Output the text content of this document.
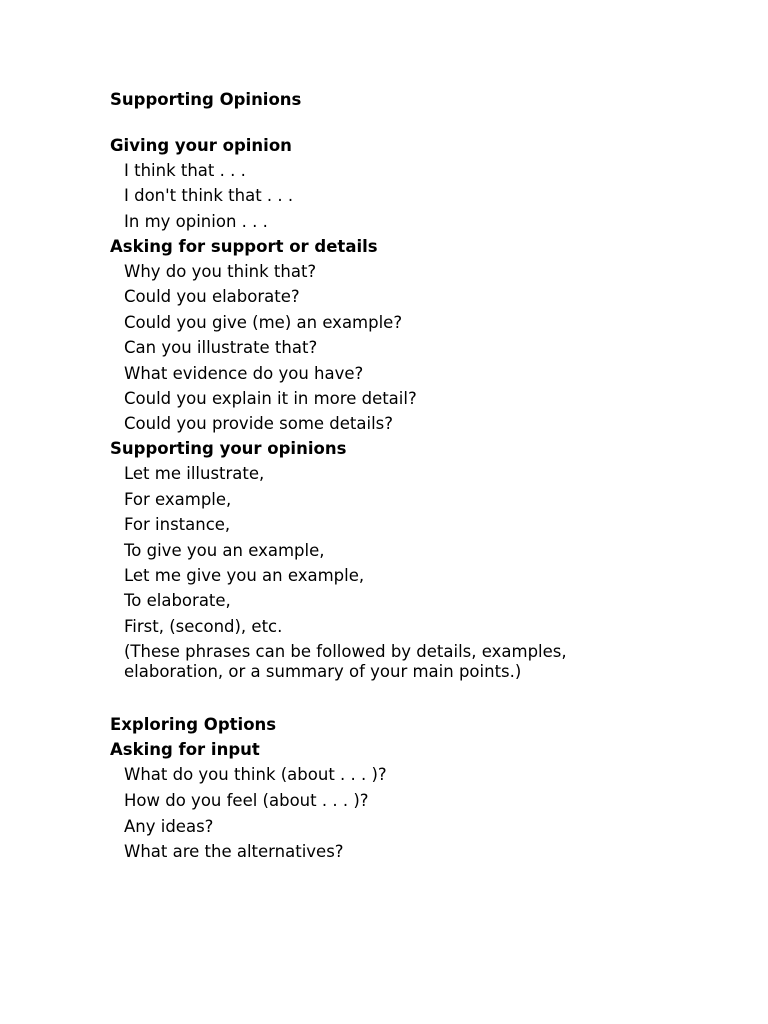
Supporting Opinions
Giving your opinion
I think that . . .
I don't think that . . .
In my opinion . . .
Asking for support or details
Why do you think that?
Could you elaborate?
Could you give (me) an example?
Can you illustrate that?
What evidence do you have?
Could you explain it in more detail?
Could you provide some details?
Supporting your opinions
Let me illustrate,
For example,
For instance,
To give you an example,
Let me give you an example,
To elaborate,
First, (second), etc.
(These phrases can be followed by details, examples, elaboration, or a summary of your main points.)
Exploring Options
Asking for input
What do you think (about . . . )?
How do you feel (about . . . )?
Any ideas?
What are the alternatives?
